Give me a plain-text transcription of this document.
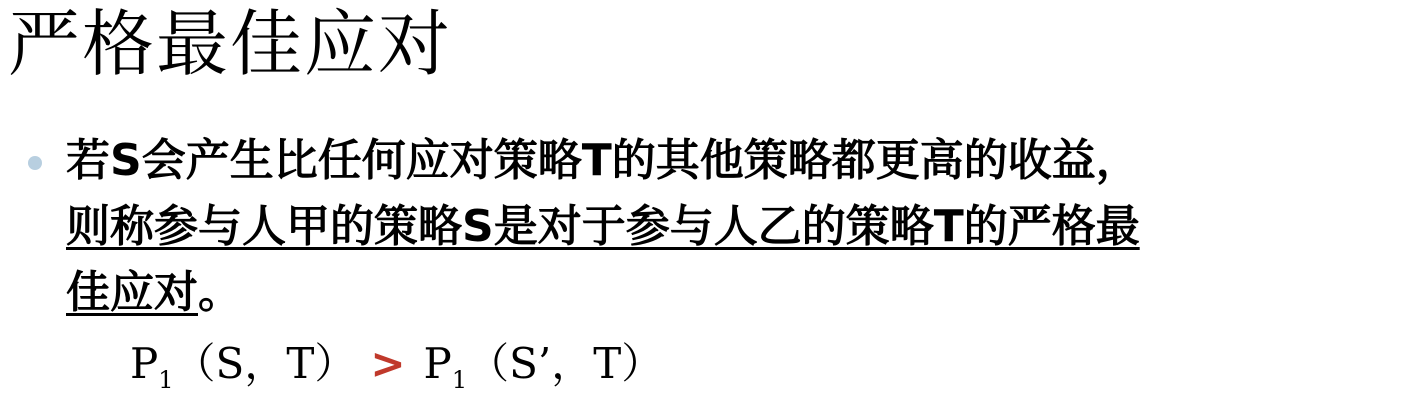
严格最佳应对
若S会产生比任何应对策略T的其他策略都更高的收益，
则称参与人甲的策略S是对于参与人乙的策略T的严格最
佳应对。
$P_1(S$，$T) > P_1(S$’，T）
